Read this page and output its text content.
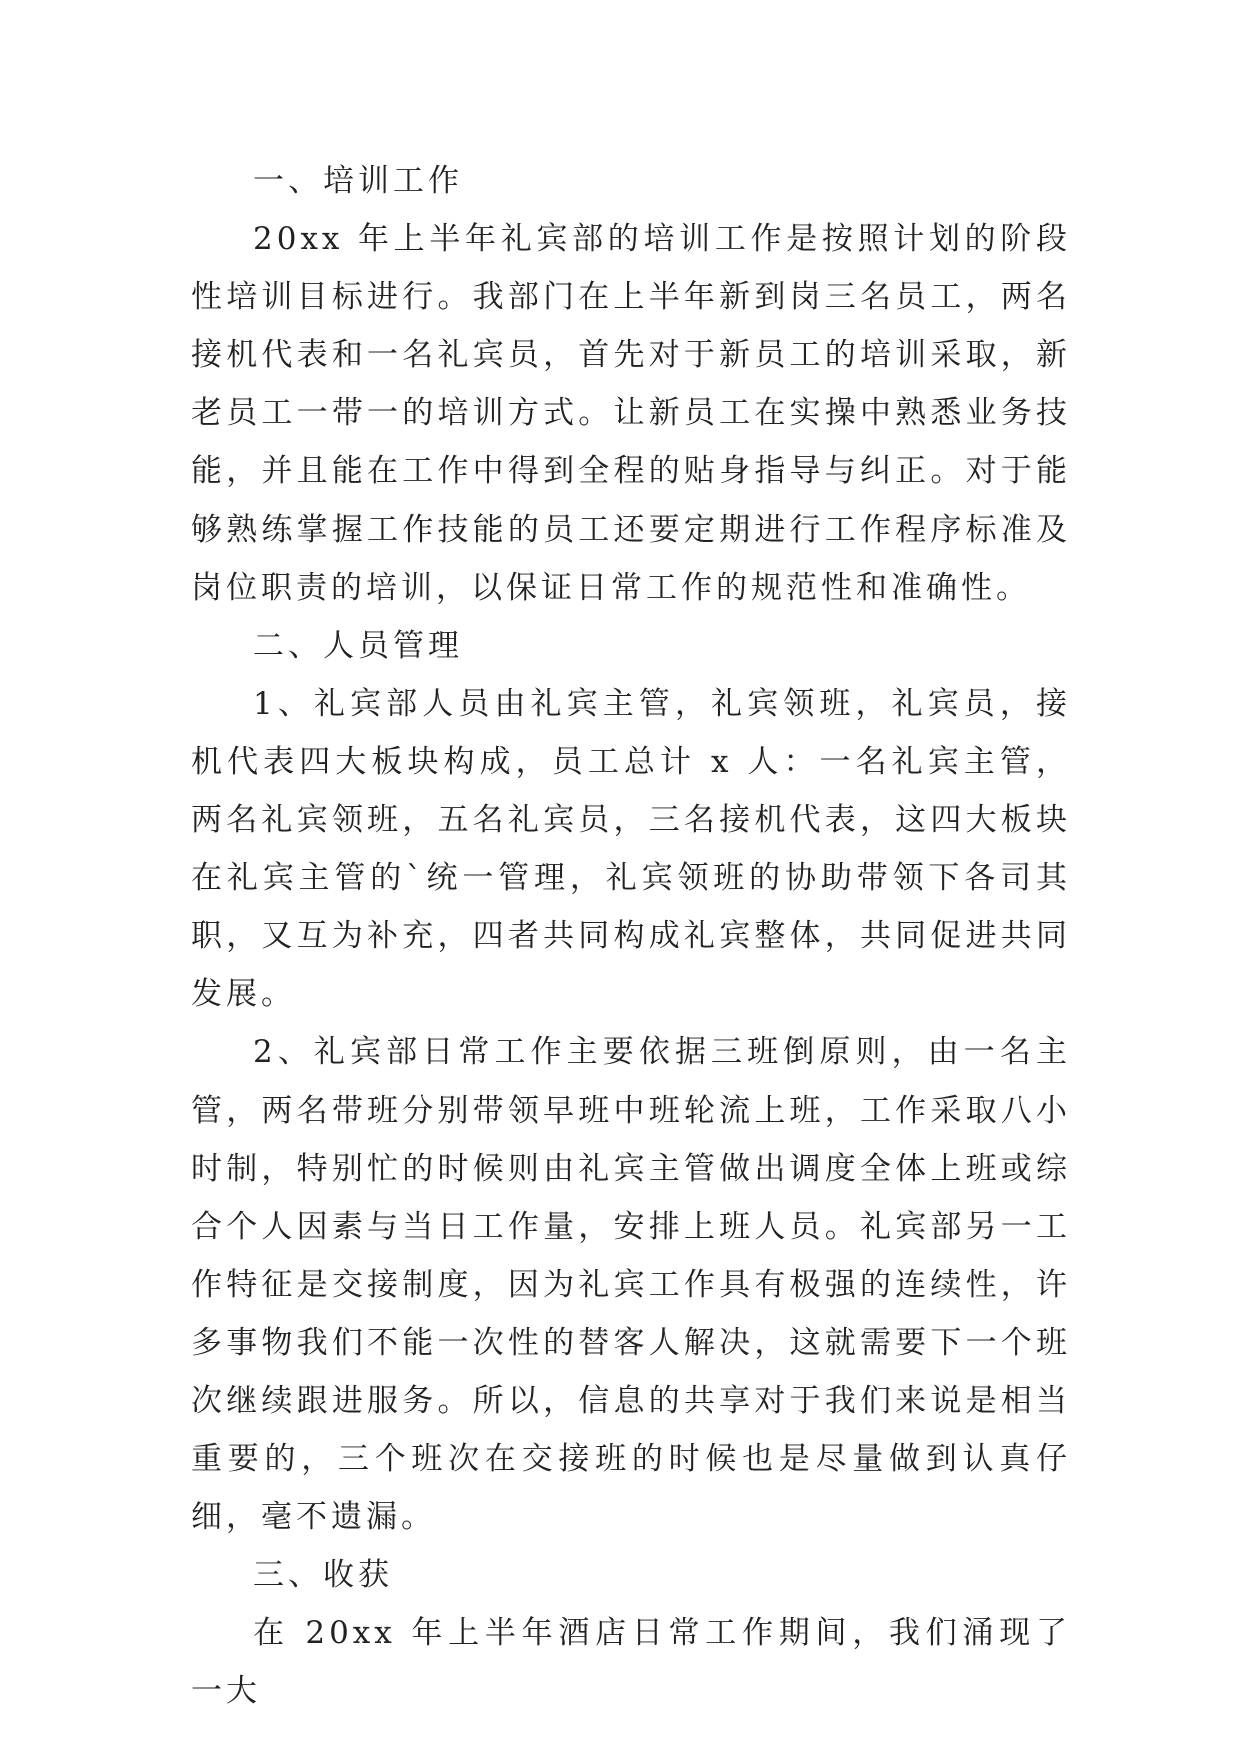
一、培训工作

20xx 年上半年礼宾部的培训工作是按照计划的阶段性培训目标进行。我部门在上半年新到岗三名员工，两名接机代表和一名礼宾员，首先对于新员工的培训采取，新老员工一带一的培训方式。让新员工在实操中熟悉业务技能，并且能在工作中得到全程的贴身指导与纠正。对于能够熟练掌握工作技能的员工还要定期进行工作程序标准及岗位职责的培训，以保证日常工作的规范性和准确性。

二、人员管理

1、礼宾部人员由礼宾主管，礼宾领班，礼宾员，接机代表四大板块构成，员工总计 x 人：一名礼宾主管，两名礼宾领班，五名礼宾员，三名接机代表，这四大板块在礼宾主管的`统一管理，礼宾领班的协助带领下各司其职，又互为补充，四者共同构成礼宾整体，共同促进共同发展。

2、礼宾部日常工作主要依据三班倒原则，由一名主管，两名带班分别带领早班中班轮流上班，工作采取八小时制，特别忙的时候则由礼宾主管做出调度全体上班或综合个人因素与当日工作量，安排上班人员。礼宾部另一工作特征是交接制度，因为礼宾工作具有极强的连续性，许多事物我们不能一次性的替客人解决，这就需要下一个班次继续跟进服务。所以，信息的共享对于我们来说是相当重要的，三个班次在交接班的时候也是尽量做到认真仔细，毫不遗漏。

三、收获

在 20xx 年上半年酒店日常工作期间，我们涌现了一大
